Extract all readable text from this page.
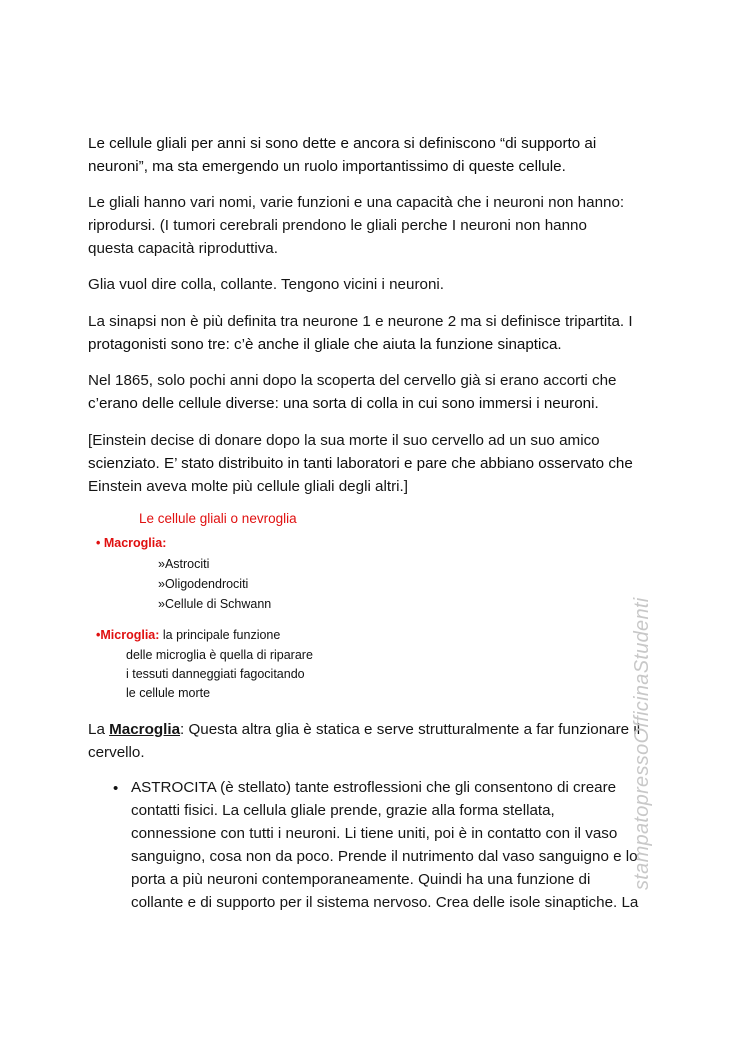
Le cellule gliali per anni si sono dette e ancora si definiscono “di supporto ai
neuroni”, ma sta emergendo un ruolo importantissimo di queste cellule.
Le gliali hanno vari nomi, varie funzioni e una capacità che i neuroni non hanno:
riprodursi. (I tumori cerebrali prendono le gliali perche I neuroni non hanno
questa capacità riproduttiva.
Glia vuol dire colla, collante. Tengono vicini i neuroni.
La sinapsi non è più definita tra neurone 1 e neurone 2 ma si definisce tripartita. I
protagonisti sono tre: c’è anche il gliale che aiuta la funzione sinaptica.
Nel 1865, solo pochi anni dopo la scoperta del cervello già si erano accorti che
c’erano delle cellule diverse: una sorta di colla in cui sono immersi i neuroni.
[Einstein decise di donare dopo la sua morte il suo cervello ad un suo amico
scienziato. E’ stato distribuito in tanti laboratori e pare che abbiano osservato che
Einstein aveva molte più cellule gliali degli altri.]
Le cellule gliali o nevroglia
• Macroglia:
»Astrociti
»Oligodendrociti
»Cellule di Schwann
•Microglia: la principale funzione
delle microglia è quella di riparare
i tessuti danneggiati fagocitando
le cellule morte
La Macroglia: Questa altra glia è statica e serve strutturalmente a far funzionare il
cervello.
• ASTROCITA (è stellato) tante estroflessioni che gli consentono di creare
contatti fisici. La cellula gliale prende, grazie alla forma stellata,
connessione con tutti i neuroni. Li tiene uniti, poi è in contatto con il vaso
sanguigno, cosa non da poco. Prende il nutrimento dal vaso sanguigno e lo
porta a più neuroni contemporaneamente. Quindi ha una funzione di
collante e di supporto per il sistema nervoso. Crea delle isole sinaptiche. La
stampatopressoOfficinaStudenti
